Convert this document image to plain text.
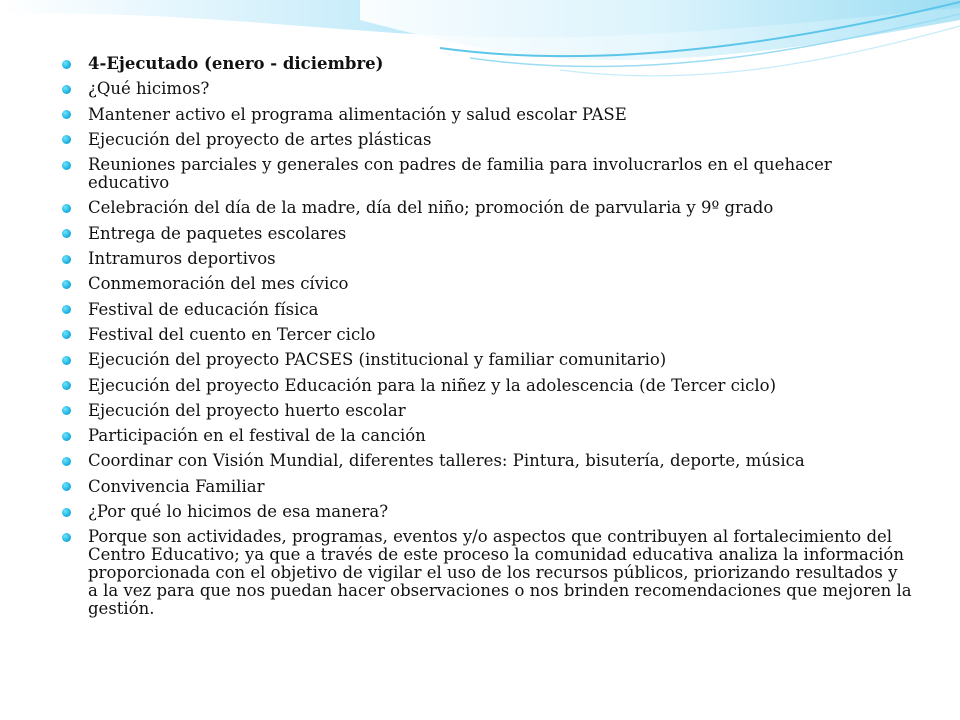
4-Ejecutado (enero - diciembre)
¿Qué hicimos?
Mantener activo el programa alimentación y salud escolar PASE
Ejecución del proyecto de artes plásticas
Reuniones parciales y generales con padres de familia para involucrarlos en el quehacer educativo
Celebración del día de la madre, día del niño; promoción de parvularia y 9º grado
Entrega de paquetes escolares
Intramuros deportivos
Conmemoración del mes cívico
Festival de educación física
Festival del cuento en Tercer ciclo
Ejecución del proyecto PACSES (institucional y familiar comunitario)
Ejecución del proyecto Educación para la niñez y la adolescencia (de Tercer ciclo)
Ejecución del proyecto huerto escolar
Participación en el festival de la canción
Coordinar con Visión Mundial, diferentes talleres: Pintura, bisutería, deporte, música
Convivencia Familiar
¿Por qué lo hicimos de esa manera?
Porque son actividades, programas, eventos y/o aspectos que contribuyen al fortalecimiento del Centro Educativo; ya que a través de este proceso la comunidad educativa analiza la información proporcionada con el objetivo de vigilar el uso de los recursos públicos, priorizando resultados y a la vez para que nos puedan hacer observaciones o nos brinden recomendaciones que mejoren la gestión.
